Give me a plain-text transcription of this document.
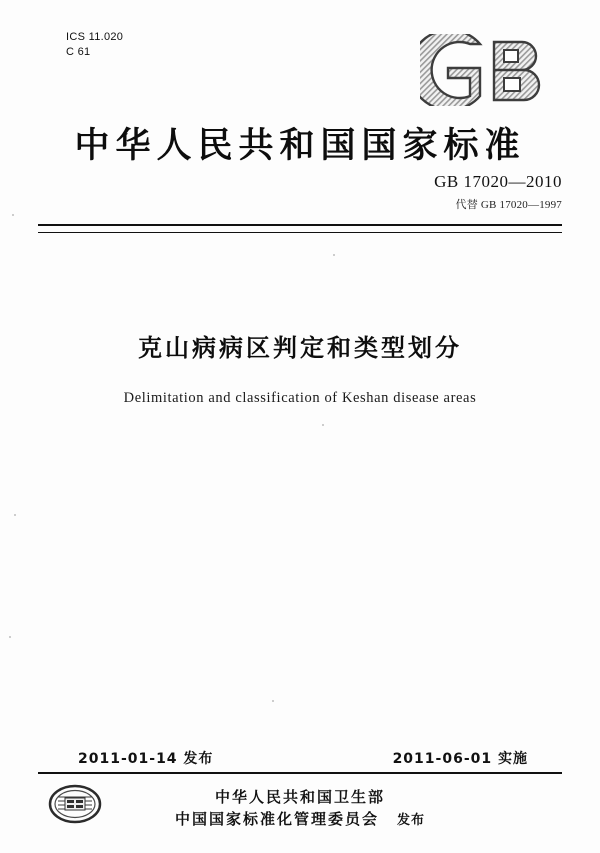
ICS 11.020
C 61
中华人民共和国国家标准
GB 17020—2010
代替 GB 17020—1997
克山病病区判定和类型划分
Delimitation and classification of Keshan disease areas
2011-01-14 发布	2011-06-01 实施
中华人民共和国卫生部
中国国家标准化管理委员会 发布
